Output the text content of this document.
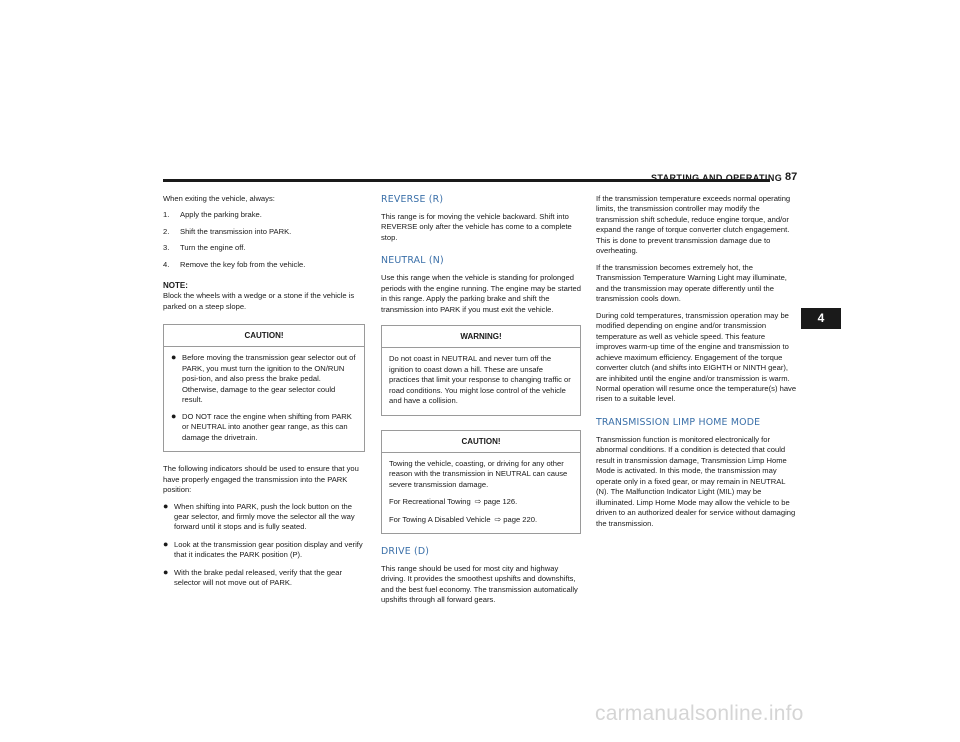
STARTING AND OPERATING 87
4

When exiting the vehicle, always:

1.	Apply the parking brake.
2.	Shift the transmission into PARK.
3.	Turn the engine off.
4.	Remove the key fob from the vehicle.

NOTE:

Block the wheels with a wedge or a stone if the vehicle is parked on a steep slope.

CAUTION!
● Before moving the transmission gear selector out of PARK, you must turn the ignition to the ON/RUN posi-tion, and also press the brake pedal. Otherwise, damage to the gear selector could result.
● DO NOT race the engine when shifting from PARK or NEUTRAL into another gear range, as this can damage the drivetrain.

The following indicators should be used to ensure that you have properly engaged the transmission into the PARK position:

● When shifting into PARK, push the lock button on the gear selector, and firmly move the selector all the way forward until it stops and is fully seated.
● Look at the transmission gear position display and verify that it indicates the PARK position (P).
● With the brake pedal released, verify that the gear selector will not move out of PARK.
REVERSE (R)

This range is for moving the vehicle backward. Shift into REVERSE only after the vehicle has come to a complete stop.

NEUTRAL (N)

Use this range when the vehicle is standing for prolonged periods with the engine running. The engine may be started in this range. Apply the parking brake and shift the transmission into PARK if you must exit the vehicle.

WARNING!

Do not coast in NEUTRAL and never turn off the ignition to coast down a hill. These are unsafe practices that limit your response to changing traffic or road conditions. You might lose control of the vehicle and have a collision.

CAUTION!

Towing the vehicle, coasting, or driving for any other reason with the transmission in NEUTRAL can cause severe transmission damage.

For Recreational Towing ⇨ page 126.

For Towing A Disabled Vehicle ⇨ page 220.

DRIVE (D)

This range should be used for most city and highway driving. It provides the smoothest upshifts and downshifts, and the best fuel economy. The transmission automatically upshifts through all forward gears.

If the transmission temperature exceeds normal operating limits, the transmission controller may modify the transmission shift schedule, reduce engine torque, and/or expand the range of torque converter clutch engagement. This is done to prevent transmission damage due to overheating.

If the transmission becomes extremely hot, the Transmission Temperature Warning Light may illuminate, and the transmission may operate differently until the transmission cools down.

During cold temperatures, transmission operation may be modified depending on engine and/or transmission temperature as well as vehicle speed. This feature improves warm-up time of the engine and transmission to achieve maximum efficiency. Engagement of the torque converter clutch (and shifts into EIGHTH or NINTH gear), are inhibited until the engine and/or transmission is warm. Normal operation will resume once the temperature(s) have risen to a suitable level.

TRANSMISSION LIMP HOME MODE

Transmission function is monitored electronically for abnormal conditions. If a condition is detected that could result in transmission damage, Transmission Limp Home Mode is activated. In this mode, the transmission may operate only in a fixed gear, or may remain in NEUTRAL (N). The Malfunction Indicator Light (MIL) may be illuminated. Limp Home Mode may allow the vehicle to be driven to an authorized dealer for service without damaging the transmission.

carmanualsonline.info
